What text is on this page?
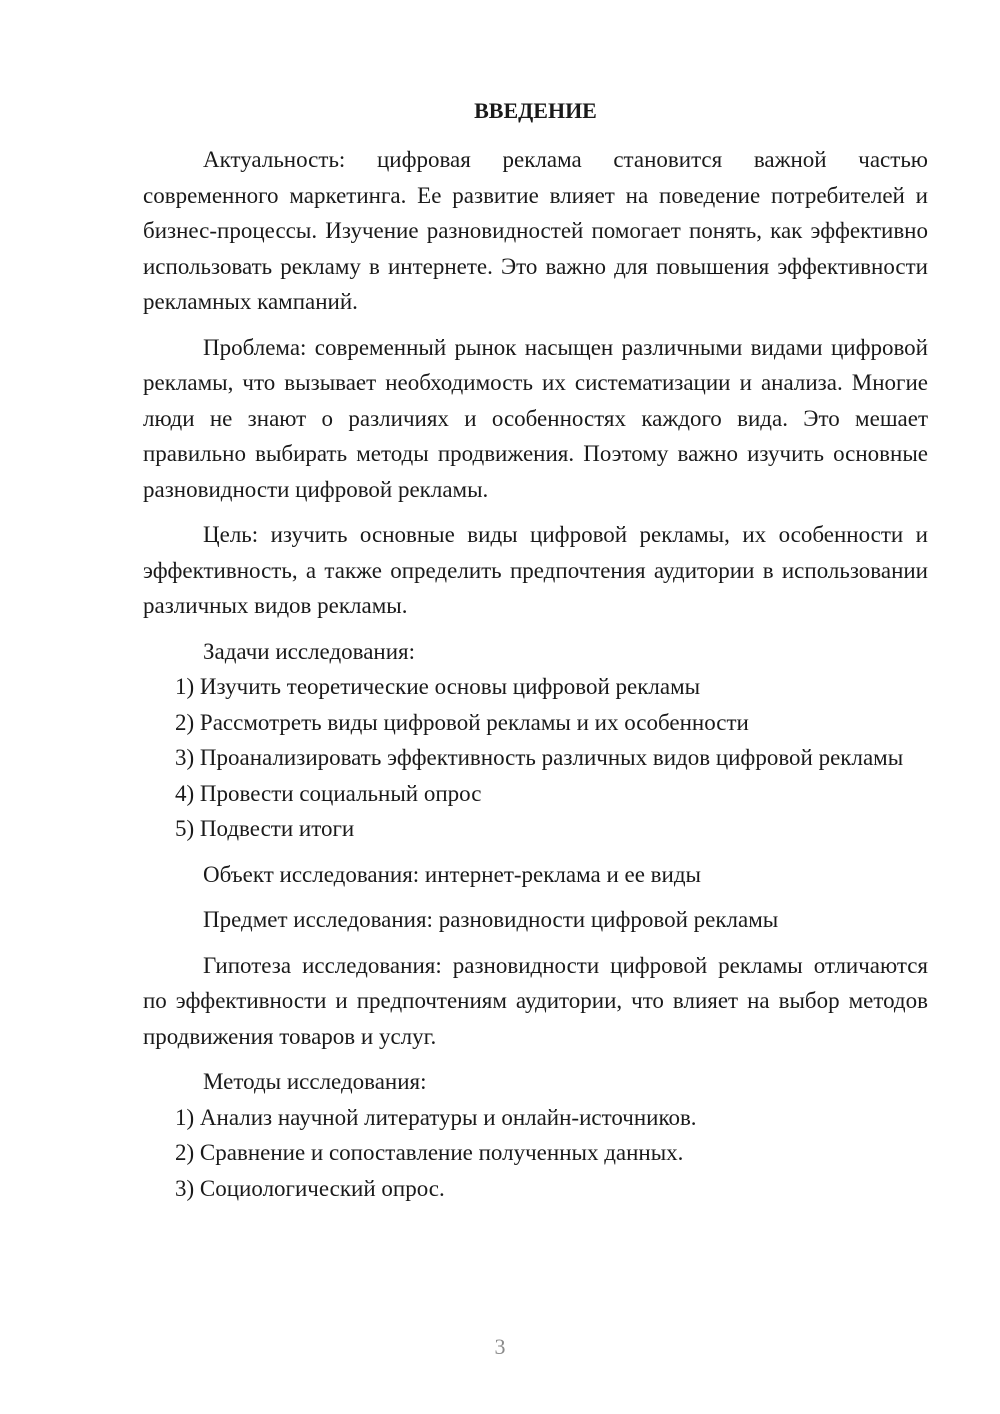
ВВЕДЕНИЕ

Актуальность: цифровая реклама становится важной частью современного маркетинга. Ее развитие влияет на поведение потребителей и бизнес-процессы. Изучение разновидностей помогает понять, как эффективно использовать рекламу в интернете. Это важно для повышения эффективности рекламных кампаний.

Проблема: современный рынок насыщен различными видами цифровой рекламы, что вызывает необходимость их систематизации и анализа. Многие люди не знают о различиях и особенностях каждого вида. Это мешает правильно выбирать методы продвижения. Поэтому важно изучить основные разновидности цифровой рекламы.

Цель: изучить основные виды цифровой рекламы, их особенности и эффективность, а также определить предпочтения аудитории в использовании различных видов рекламы.

Задачи исследования:

1) Изучить теоретические основы цифровой рекламы

2) Рассмотреть виды цифровой рекламы и их особенности

3) Проанализировать эффективность различных видов цифровой рекламы

4) Провести социальный опрос

5) Подвести итоги

Объект исследования: интернет-реклама и ее виды

Предмет исследования: разновидности цифровой рекламы

Гипотеза исследования: разновидности цифровой рекламы отличаются по эффективности и предпочтениям аудитории, что влияет на выбор методов продвижения товаров и услуг.

Методы исследования:

1) Анализ научной литературы и онлайн-источников.

2) Сравнение и сопоставление полученных данных.

3) Социологический опрос.

3
